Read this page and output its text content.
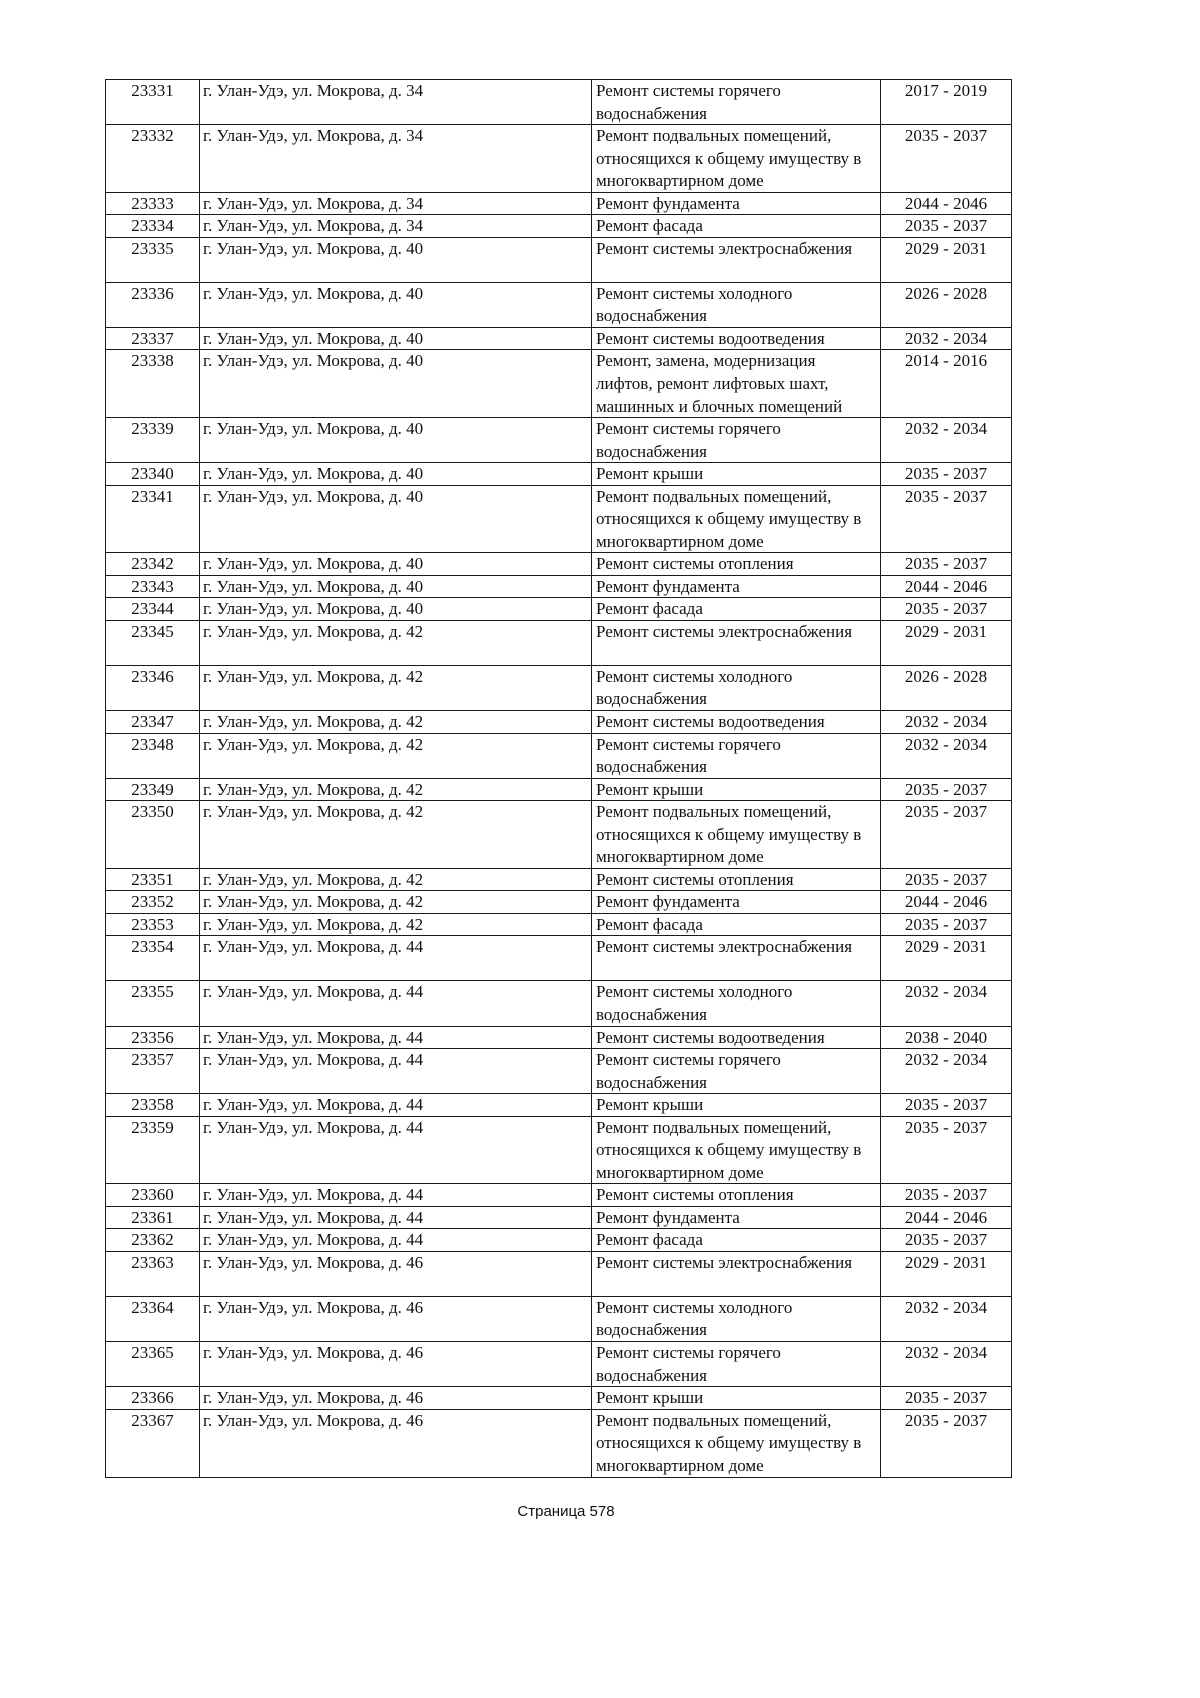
23331	г. Улан-Удэ, ул. Мокрова, д. 34	Ремонт системы горячего
водоснабжения
2017 - 2019
23332	г. Улан-Удэ, ул. Мокрова, д. 34	Ремонт подвальных помещений,
относящихся к общему имуществу в
многоквартирном доме
2035 - 2037
23333	г. Улан-Удэ, ул. Мокрова, д. 34	Ремонт фундамента	2044 - 2046
23334	г. Улан-Удэ, ул. Мокрова, д. 34	Ремонт фасада	2035 - 2037
23335	г. Улан-Удэ, ул. Мокрова, д. 40	Ремонт системы электроснабжения	2029 - 2031
23336	г. Улан-Удэ, ул. Мокрова, д. 40	Ремонт системы холодного
водоснабжения
2026 - 2028
23337	г. Улан-Удэ, ул. Мокрова, д. 40	Ремонт системы водоотведения	2032 - 2034
23338	г. Улан-Удэ, ул. Мокрова, д. 40	Ремонт, замена, модернизация
лифтов, ремонт лифтовых шахт,
машинных и блочных помещений
2014 - 2016
23339	г. Улан-Удэ, ул. Мокрова, д. 40	Ремонт системы горячего
водоснабжения
2032 - 2034
23340	г. Улан-Удэ, ул. Мокрова, д. 40	Ремонт крыши	2035 - 2037
23341	г. Улан-Удэ, ул. Мокрова, д. 40	Ремонт подвальных помещений,
относящихся к общему имуществу в
многоквартирном доме
2035 - 2037
23342	г. Улан-Удэ, ул. Мокрова, д. 40	Ремонт системы отопления	2035 - 2037
23343	г. Улан-Удэ, ул. Мокрова, д. 40	Ремонт фундамента	2044 - 2046
23344	г. Улан-Удэ, ул. Мокрова, д. 40	Ремонт фасада	2035 - 2037
23345	г. Улан-Удэ, ул. Мокрова, д. 42	Ремонт системы электроснабжения	2029 - 2031
23346	г. Улан-Удэ, ул. Мокрова, д. 42	Ремонт системы холодного
водоснабжения
2026 - 2028
23347	г. Улан-Удэ, ул. Мокрова, д. 42	Ремонт системы водоотведения	2032 - 2034
23348	г. Улан-Удэ, ул. Мокрова, д. 42	Ремонт системы горячего
водоснабжения
2032 - 2034
23349	г. Улан-Удэ, ул. Мокрова, д. 42	Ремонт крыши	2035 - 2037
23350	г. Улан-Удэ, ул. Мокрова, д. 42	Ремонт подвальных помещений,
относящихся к общему имуществу в
многоквартирном доме
2035 - 2037
23351	г. Улан-Удэ, ул. Мокрова, д. 42	Ремонт системы отопления	2035 - 2037
23352	г. Улан-Удэ, ул. Мокрова, д. 42	Ремонт фундамента	2044 - 2046
23353	г. Улан-Удэ, ул. Мокрова, д. 42	Ремонт фасада	2035 - 2037
23354	г. Улан-Удэ, ул. Мокрова, д. 44	Ремонт системы электроснабжения	2029 - 2031
23355	г. Улан-Удэ, ул. Мокрова, д. 44	Ремонт системы холодного
водоснабжения
2032 - 2034
23356	г. Улан-Удэ, ул. Мокрова, д. 44	Ремонт системы водоотведения	2038 - 2040
23357	г. Улан-Удэ, ул. Мокрова, д. 44	Ремонт системы горячего
водоснабжения
2032 - 2034
23358	г. Улан-Удэ, ул. Мокрова, д. 44	Ремонт крыши	2035 - 2037
23359	г. Улан-Удэ, ул. Мокрова, д. 44	Ремонт подвальных помещений,
относящихся к общему имуществу в
многоквартирном доме
2035 - 2037
23360	г. Улан-Удэ, ул. Мокрова, д. 44	Ремонт системы отопления	2035 - 2037
23361	г. Улан-Удэ, ул. Мокрова, д. 44	Ремонт фундамента	2044 - 2046
23362	г. Улан-Удэ, ул. Мокрова, д. 44	Ремонт фасада	2035 - 2037
23363	г. Улан-Удэ, ул. Мокрова, д. 46	Ремонт системы электроснабжения	2029 - 2031
23364	г. Улан-Удэ, ул. Мокрова, д. 46	Ремонт системы холодного
водоснабжения
2032 - 2034
23365	г. Улан-Удэ, ул. Мокрова, д. 46	Ремонт системы горячего
водоснабжения
2032 - 2034
23366	г. Улан-Удэ, ул. Мокрова, д. 46	Ремонт крыши	2035 - 2037
23367	г. Улан-Удэ, ул. Мокрова, д. 46	Ремонт подвальных помещений,
относящихся к общему имуществу в
многоквартирном доме
2035 - 2037
Страница 578
